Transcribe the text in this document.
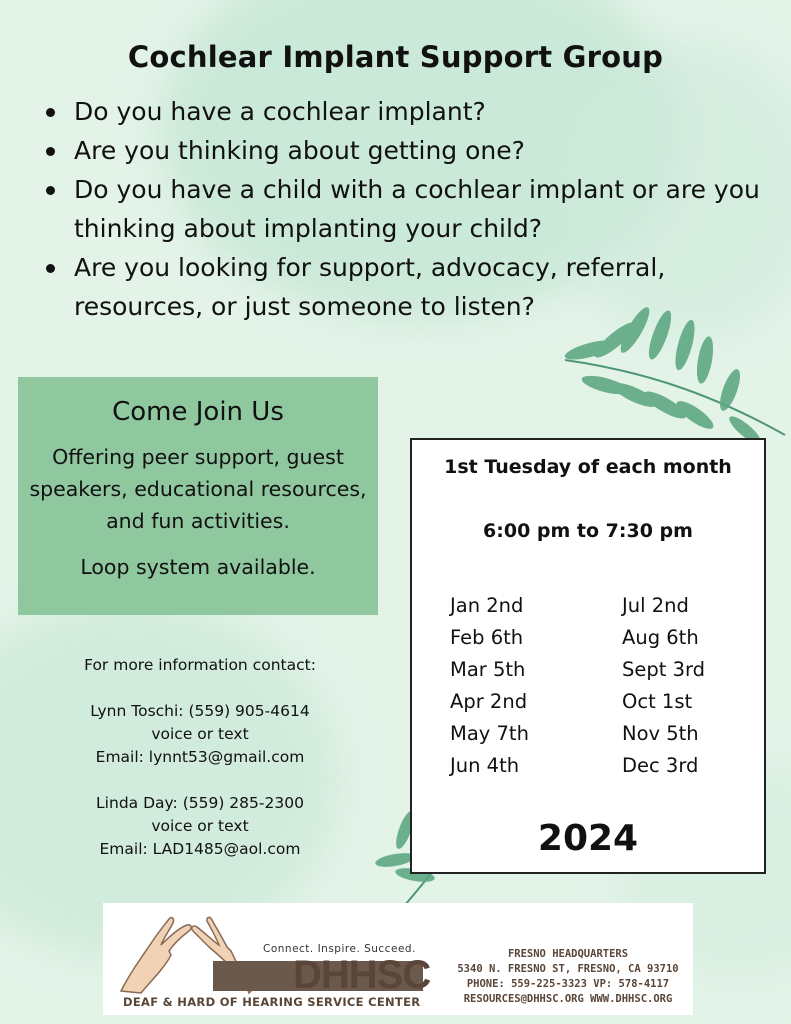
Cochlear Implant Support Group
Do you have a cochlear implant?
Are you thinking about getting one?
Do you have a child with a cochlear implant or are you thinking about implanting your child?
Are you looking for support, advocacy, referral, resources, or just someone to listen?
Come Join Us
Offering peer support, guest speakers, educational resources, and fun activities.
Loop system available.
For more information contact:
Lynn Toschi: (559) 905-4614
voice or text
Email: lynnt53@gmail.com
Linda Day: (559) 285-2300
voice or text
Email: LAD1485@aol.com
1st Tuesday of each month
6:00 pm to 7:30 pm
Jan 2nd
Feb 6th
Mar 5th
Apr 2nd
May 7th
Jun 4th
Jul 2nd
Aug 6th
Sept 3rd
Oct 1st
Nov 5th
Dec 3rd
2024
Connect. Inspire. Succeed.
DHHSC
DEAF & HARD OF HEARING SERVICE CENTER
FRESNO HEADQUARTERS
5340 N. FRESNO ST, FRESNO, CA 93710
PHONE: 559-225-3323 VP: 578-4117
RESOURCES@DHHSC.ORG WWW.DHHSC.ORG
